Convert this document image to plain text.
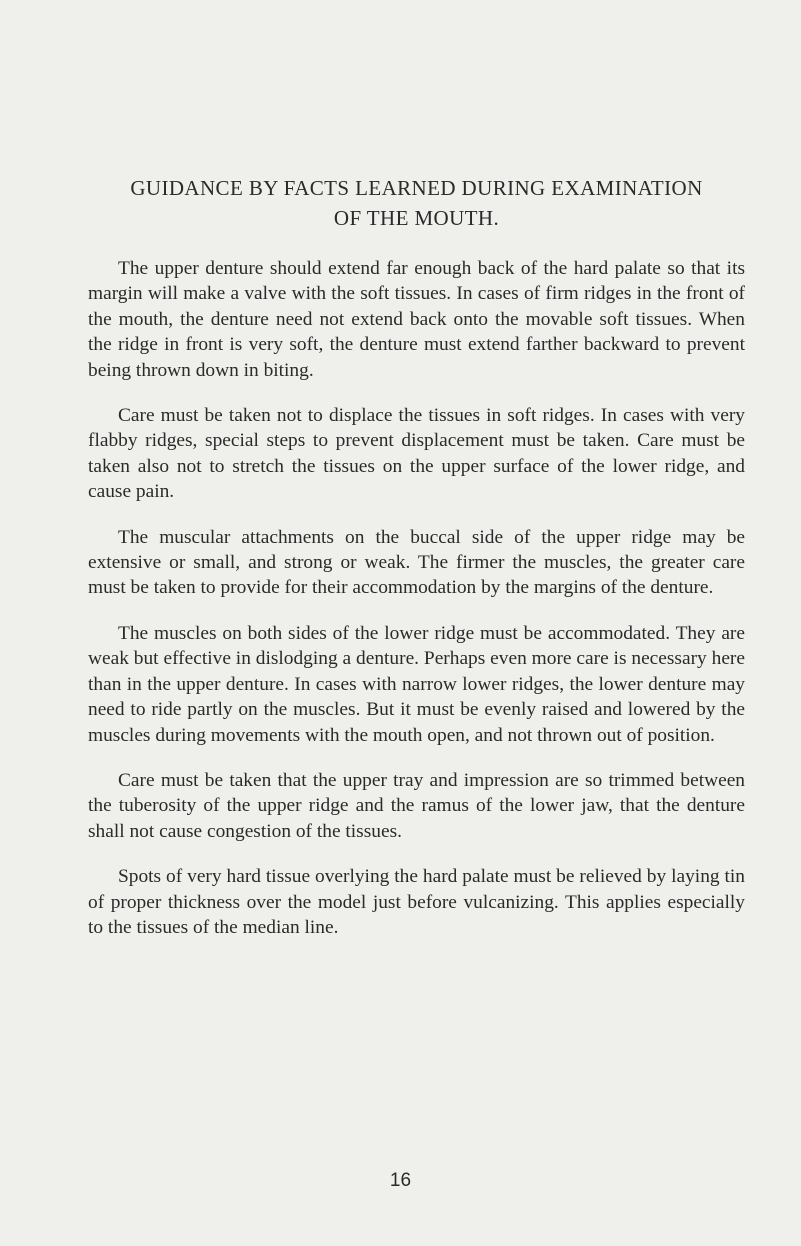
GUIDANCE BY FACTS LEARNED DURING EXAMINATION
OF THE MOUTH.

The upper denture should extend far enough back of the hard palate so that its margin will make a valve with the soft tissues. In cases of firm ridges in the front of the mouth, the denture need not extend back onto the movable soft tissues. When the ridge in front is very soft, the denture must extend farther backward to prevent being thrown down in biting.

Care must be taken not to displace the tissues in soft ridges. In cases with very flabby ridges, special steps to prevent displacement must be taken. Care must be taken also not to stretch the tissues on the upper surface of the lower ridge, and cause pain.

The muscular attachments on the buccal side of the upper ridge may be extensive or small, and strong or weak. The firmer the muscles, the greater care must be taken to provide for their accommodation by the margins of the denture.

The muscles on both sides of the lower ridge must be accommodated. They are weak but effective in dislodging a denture. Perhaps even more care is necessary here than in the upper denture. In cases with narrow lower ridges, the lower denture may need to ride partly on the muscles. But it must be evenly raised and lowered by the muscles during movements with the mouth open, and not thrown out of position.

Care must be taken that the upper tray and impression are so trimmed between the tuberosity of the upper ridge and the ramus of the lower jaw, that the denture shall not cause congestion of the tissues.

Spots of very hard tissue overlying the hard palate must be relieved by laying tin of proper thickness over the model just before vulcanizing. This applies especially to the tissues of the median line.

16
